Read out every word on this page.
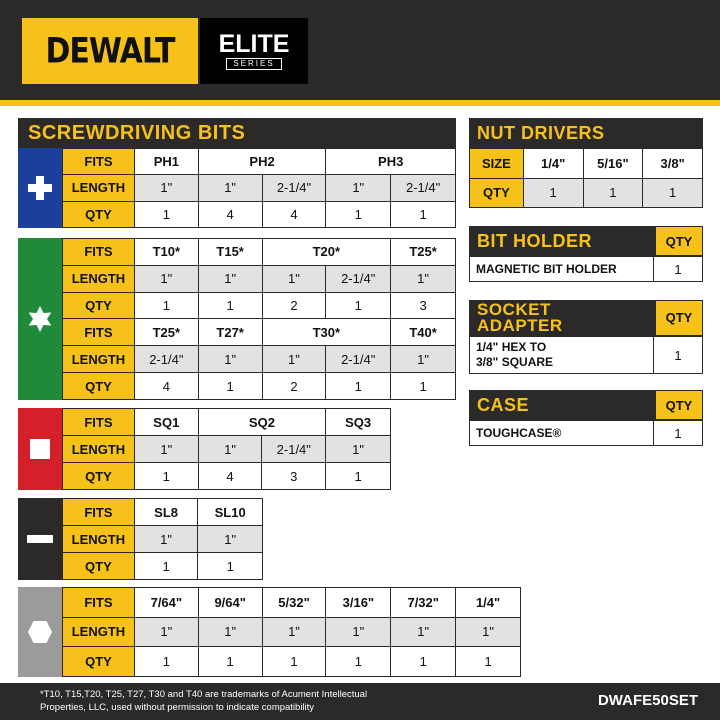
DEWALT ELITE
SERIES
SCREWDRIVING BITS
FITS	PH1	PH2		PH3	
LENGTH	1"	1"	2-1/4"	1"	2-1/4"
QTY	1	4	4	1	1
FITS	T10*	T15*	T20*		T25*
LENGTH	1"	1"	1"	2-1/4"	1"
QTY	1	1	2	1	3
FITS	T25*	T27*	T30*		T40*
LENGTH	2-1/4"	1"	1"	2-1/4"	1"
QTY	4	1	2	1	1
FITS	SQ1	SQ2		SQ3
LENGTH	1"	1"	2-1/4"	1"
QTY	1	4	3	1
FITS	SL8	SL10
LENGTH	1"	1"
QTY	1	1
FITS	7/64"	9/64"	5/32"	3/16"	7/32"	1/4"
LENGTH	1"	1"	1"	1"	1"	1"
QTY	1	1	1	1	1	1
NUT DRIVERS
SIZE	1/4"	5/16"	3/8"
QTY	1	1	1
BIT HOLDER	QTY
MAGNETIC BIT HOLDER	1
SOCKET
ADAPTER	QTY
1/4" HEX TO
3/8" SQUARE	1
CASE	QTY
TOUGHCASE®	1
*T10, T15,T20, T25, T27, T30 and T40 are trademarks of Acument Intellectual
Properties, LLC, used without permission to indicate compatibility	DWAFE50SET
